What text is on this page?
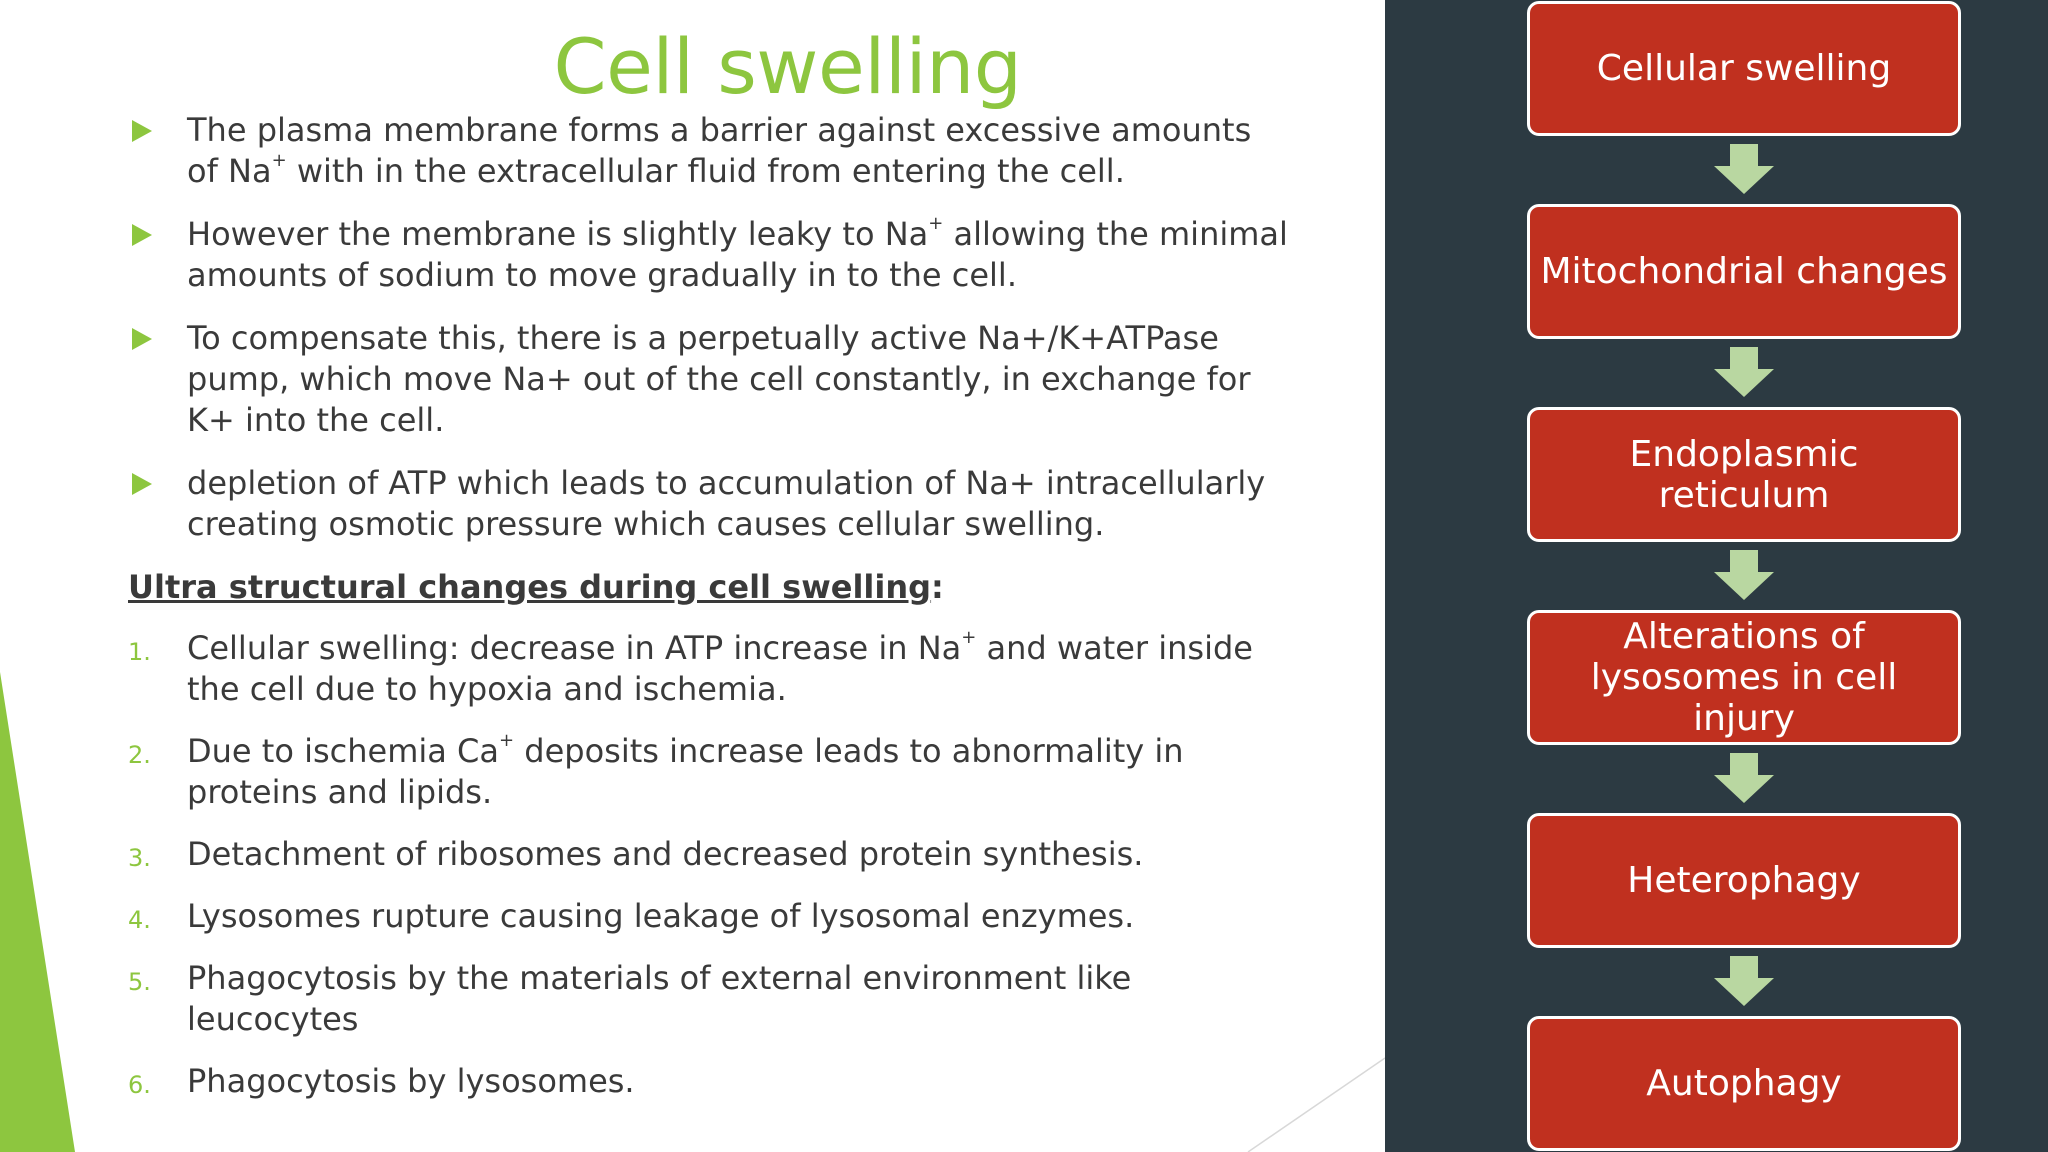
Cell swelling
The plasma membrane forms a barrier against excessive amounts of Na+ with in the extracellular fluid from entering the cell.
However the membrane is slightly leaky to Na+ allowing the minimal amounts of sodium to move gradually in to the cell.
To compensate this, there is a perpetually active Na+/K+ATPase pump, which move Na+ out of the cell constantly, in exchange for K+ into the cell.
depletion of ATP which leads to accumulation of Na+ intracellularly creating osmotic pressure which causes cellular swelling.
Ultra structural changes during cell swelling:
1. Cellular swelling: decrease in ATP increase in Na+ and water inside the cell due to hypoxia and ischemia.
2. Due to ischemia Ca+ deposits increase leads to abnormality in proteins and lipids.
3. Detachment of ribosomes and decreased protein synthesis.
4. Lysosomes rupture causing leakage of lysosomal enzymes.
5. Phagocytosis by the materials of external environment like leucocytes
6. Phagocytosis by lysosomes.
Cellular swelling
Mitochondrial changes
Endoplasmic reticulum
Alterations of lysosomes in cell injury
Heterophagy
Autophagy
